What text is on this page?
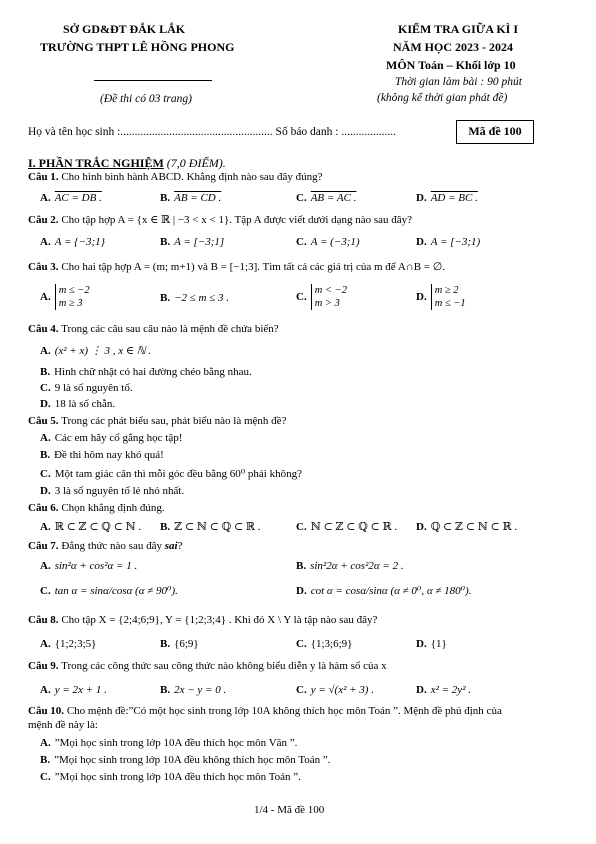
SỞ GD&ĐT ĐẮK LẮK
TRƯỜNG THPT LÊ HỒNG PHONG
(Đề thi có 03 trang)
KIỂM TRA GIỮA KÌ I
NĂM HỌC 2023 - 2024
MÔN Toán – Khối lớp 10
Thời gian làm bài : 90 phút
(không kể thời gian phát đề)
Họ và tên học sinh :..................................................... Số báo danh : ...................	Mã đề 100
I. PHẦN TRẮC NGHIỆM (7,0 ĐIỂM).
Câu 1. Cho hình bình hành ABCD. Khẳng định nào sau đây đúng?
A. AC = DB .	B. AB = CD .	C. AB = AC .	D. AD = BC .
Câu 2. Cho tập hợp A = {x ∈ ℝ | −3 < x < 1}. Tập A được viết dưới dạng nào sau đây?
A. A = {−3;1}	B. A = [−3;1]	C. A = (−3;1)	D. A = [−3;1)
Câu 3. Cho hai tập hợp A = (m; m+1) và B = [−1;3]. Tìm tất cả các giá trị của m để A∩B = ∅.
A.
m ≤ −2
m ≥ 3	B. −2 ≤ m ≤ 3 .	C.
m < −2
m > 3
D.
m ≥ 2
m ≤ −1
Câu 4. Trong các câu sau câu nào là mệnh đề chứa biến?
A. (x² + x) ⋮ 3 , x ∈ ℕ .
B. Hình chữ nhật có hai đường chéo bằng nhau.
C. 9 là số nguyên tố.
D. 18 là số chẵn.
Câu 5. Trong các phát biểu sau, phát biểu nào là mệnh đề?
A. Các em hãy cố gắng học tập!
B. Đề thi hôm nay khó quá!
C. Một tam giác cân thì mỗi góc đều bằng 60⁰ phải không?
D. 3 là số nguyên tố lẻ nhỏ nhất.
Câu 6. Chọn khẳng định đúng.
A. ℝ ⊂ ℤ ⊂ ℚ ⊂ ℕ . B. ℤ ⊂ ℕ ⊂ ℚ ⊂ ℝ .	C. ℕ ⊂ ℤ ⊂ ℚ ⊂ ℝ . D. ℚ ⊂ ℤ ⊂ ℕ ⊂ ℝ .
Câu 7. Đẳng thức nào sau đây sai?
A. sin²α + cos²α = 1 .	B. sin²2α + cos²2α = 2 .
C. tan α = sinα/cosα (α ≠ 90⁰).	D. cot α = cosα/sinα (α ≠ 0⁰, α ≠ 180⁰).
Câu 8. Cho tập X = {2;4;6;9}, Y = {1;2;3;4} . Khi đó X \ Y là tập nào sau đây?
A. {1;2;3;5}	B. {6;9}	C. {1;3;6;9}	D. {1}
Câu 9. Trong các công thức sau công thức nào không biểu diễn y là hàm số của x
A. y = 2x + 1 .	B. 2x − y = 0 .	C. y = √(x² + 3) .	D. x² = 2y² .
Câu 10. Cho mệnh đề:”Có một học sinh trong lớp 10A không thích học môn Toán ”. Mệnh đề phủ định của
mệnh đề này là:
A. ”Mọi học sinh trong lớp 10A đều thích học môn Văn ”.
B. ”Mọi học sinh trong lớp 10A đều không thích học môn Toán ”.
C. ”Mọi học sinh trong lớp 10A đều thích học môn Toán ”.
1/4 - Mã đề 100
